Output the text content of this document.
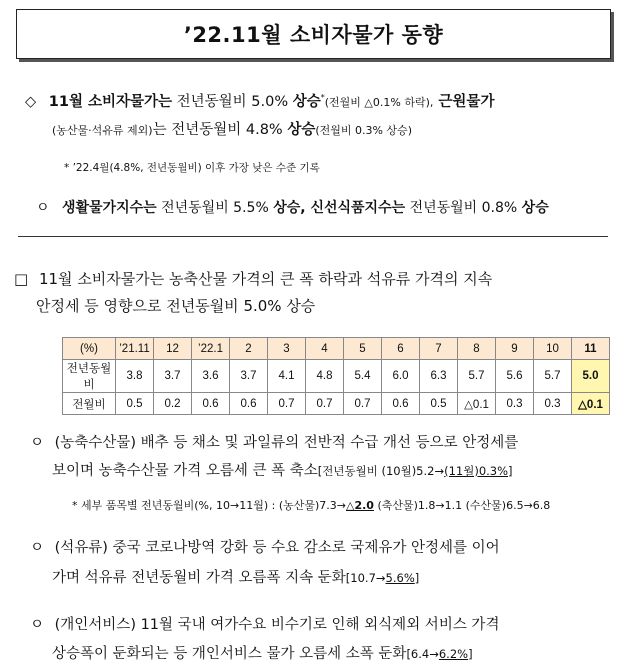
’22.11월 소비자물가 동향
◇ 11월 소비자물가는 전년동월비 5.0% 상승*(전월비 △0.1% 하락), 근원물가
(농산물·석유류 제외)는 전년동월비 4.8% 상승(전월비 0.3% 상승)
* ’22.4월(4.8%, 전년동월비) 이후 가장 낮은 수준 기록
ㅇ 생활물가지수는 전년동월비 5.5% 상승, 신선식품지수는 전년동월비 0.8% 상승
□ 11월 소비자물가는 농축산물 가격의 큰 폭 하락과 석유류 가격의 지속
안정세 등 영향으로 전년동월비 5.0% 상승
(%)	’21.11	12	’22.1	2	3	4	5	6	7	8	9	10	11
전년동월비	3.8	3.7	3.6	3.7	4.1	4.8	5.4	6.0	6.3	5.7	5.6	5.7	5.0
전월비	0.5	0.2	0.6	0.6	0.7	0.7	0.7	0.6	0.5	△0.1	0.3	0.3	△0.1
ㅇ (농축수산물) 배추 등 채소 및 과일류의 전반적 수급 개선 등으로 안정세를
보이며 농축수산물 가격 오름세 큰 폭 축소[전년동월비 (10월)5.2→(11월)0.3%]
* 세부 품목별 전년동월비(%, 10→11월) : (농산물)7.3→△2.0 (축산물)1.8→1.1 (수산물)6.5→6.8
ㅇ (석유류) 중국 코로나방역 강화 등 수요 감소로 국제유가 안정세를 이어
가며 석유류 전년동월비 가격 오름폭 지속 둔화[10.7→5.6%]
ㅇ (개인서비스) 11월 국내 여가수요 비수기로 인해 외식제외 서비스 가격
상승폭이 둔화되는 등 개인서비스 물가 오름세 소폭 둔화[6.4→6.2%]
